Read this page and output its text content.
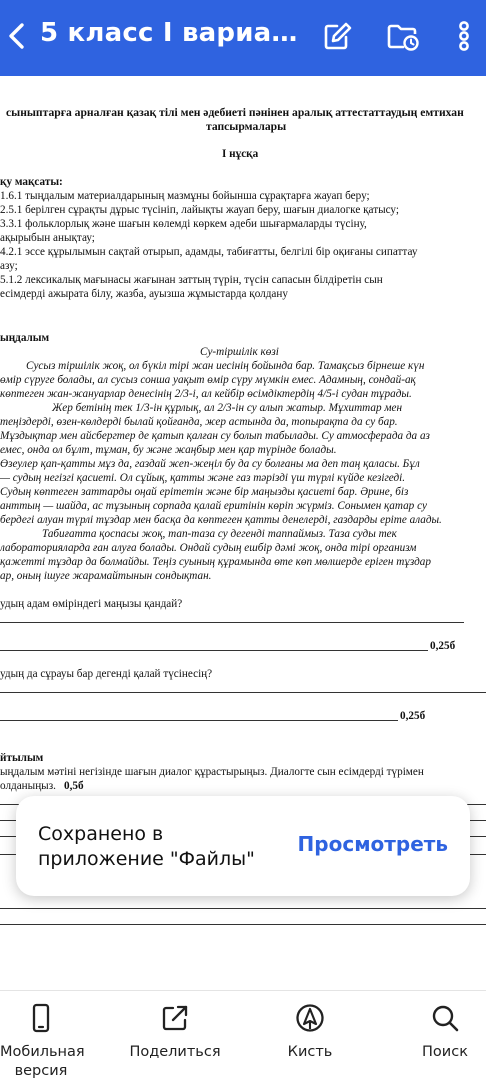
5 класс I вариа…
сыныптарға арналған қазақ тілі мен әдебиеті пәнінен аралық аттестаттаудың емтихан
тапсырмалары
І нұсқа
қу мақсаты:
1.6.1 тыңдалым материалдарының мазмұны бойынша сұрақтарға жауап беру;
2.5.1 берілген сұрақты дұрыс түсініп, лайықты жауап беру, шағын диалогке қатысу;
3.3.1 фольклорлық және шағын көлемді көркем әдеби шығармаларды түсіну,
ақырыбын анықтау;
4.2.1 эссе құрылымын сақтай отырып, адамды, табиғатты, белгілі бір оқиғаны сипаттау
азу;
5.1.2 лексикалық мағынасы жағынан заттың түрін, түсін сапасын білдіретін сын
есімдерді ажырата білу, жазба, ауызша жұмыстарда қолдану
ыңдалым
Су-тіршілік көзі
Сусыз тіршілік жоқ, ол бүкіл тірі жан иесінің бойында бар. Тамақсыз бірнеше күн
өмір сүруге болады, ал сусыз сонша уақыт өмір сүру мүмкін емес. Адамның, сондай-ақ
көптеген жан-жануарлар денесінің 2/3-і, ал кейбір өсімдіктердің 4/5-і судан тұрады.
Жер бетінің тек 1/3-ін құрлық, ал 2/3-ін су алып жатыр. Мұхиттар мен
теңіздерді, өзен-көлдерді былай қойғанда, жер астында да, топырақта да су бар.
Мұздықтар мен айсбергтер де қатып қалған су болып табылады. Су атмосферада да аз
емес, онда ол бұлт, тұман, бу және жаңбыр мен қар түрінде болады.
Өзеулер қап-қатты мұз да, газдай жеп-жеңіл бу да су болғаны ма деп таң қаласы. Бұл
— судың негізгі қасиеті. Ол сұйық, қатты және газ тәрізді үш түрлі күйде кезігеді.
Судың көптеген заттарды оңай ерітетін және бір маңызды қасиеті бар. Әрине, біз
анттың — шайда, ас тұзының сорпада қалай еритінін көріп жүрміз. Сонымен қатар су
бердегі алуан түрлі тұздар мен басқа да көптеген қатты денелерді, газдарды еріте алады.
Табиғатта қоспасы жоқ, тап-таза су дегенді таппаймыз. Таза суды тек
лабораторияларда ған алуға болады. Ондай судың ешбір дәмі жоқ, онда тірі организм
қажетті тұздар да болмайды. Теңіз суының құрамында өте көп мөлшерде еріген тұздар
ар, оның ішуге жарамайтынын сондықтан.
удың адам өміріндегі маңызы қандай?
0,25б
удың да сұрауы бар дегенді қалай түсінесің?
0,25б
йтылым
ыңдалым мәтіні негізінде шағын диалог құрастырыңыз. Диалогте сын есімдерді түрімен
олданыңыз. 0,5б
Сохранено в приложение "Файлы"
Просмотреть
Мобильная версия
Поделиться	Кисть	Поиск
